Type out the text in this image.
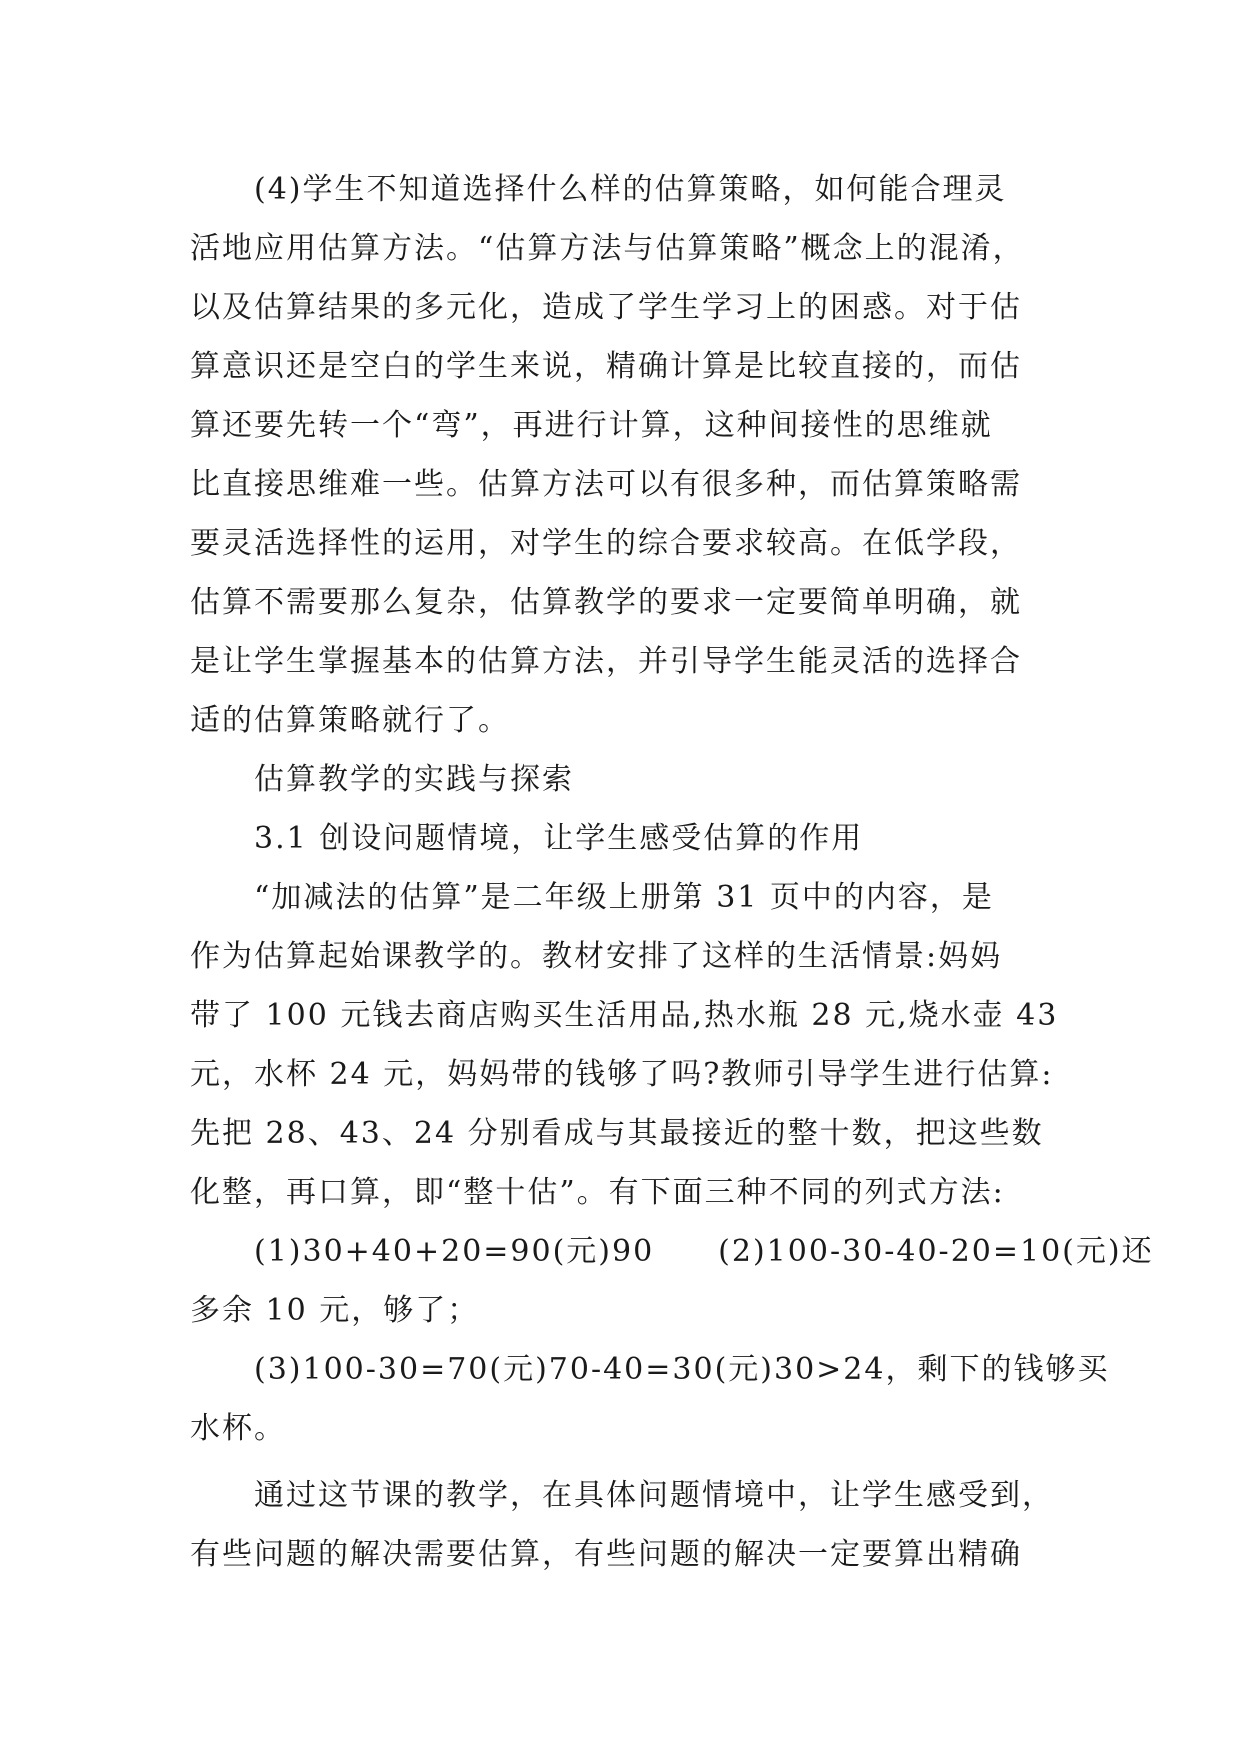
(4)学生不知道选择什么样的估算策略，如何能合理灵
活地应用估算方法。“估算方法与估算策略”概念上的混淆，
以及估算结果的多元化，造成了学生学习上的困惑。对于估
算意识还是空白的学生来说，精确计算是比较直接的，而估
算还要先转一个“弯”，再进行计算，这种间接性的思维就
比直接思维难一些。估算方法可以有很多种，而估算策略需
要灵活选择性的运用，对学生的综合要求较高。在低学段，
估算不需要那么复杂，估算教学的要求一定要简单明确，就
是让学生掌握基本的估算方法，并引导学生能灵活的选择合
适的估算策略就行了。

估算教学的实践与探索

3.1 创设问题情境，让学生感受估算的作用

“加减法的估算”是二年级上册第 31 页中的内容，是
作为估算起始课教学的。教材安排了这样的生活情景:妈妈
带了 100 元钱去商店购买生活用品,热水瓶 28 元,烧水壶 43
元，水杯 24 元，妈妈带的钱够了吗?教师引导学生进行估算:
先把 28、43、24 分别看成与其最接近的整十数，把这些数
化整，再口算，即“整十估”。有下面三种不同的列式方法:

(1)30+40+20=90(元)90　　(2)100-30-40-20=10(元)还
多余 10 元，够了；

(3)100-30=70(元)70-40=30(元)30>24，剩下的钱够买
水杯。

通过这节课的教学，在具体问题情境中，让学生感受到，
有些问题的解决需要估算，有些问题的解决一定要算出精确
